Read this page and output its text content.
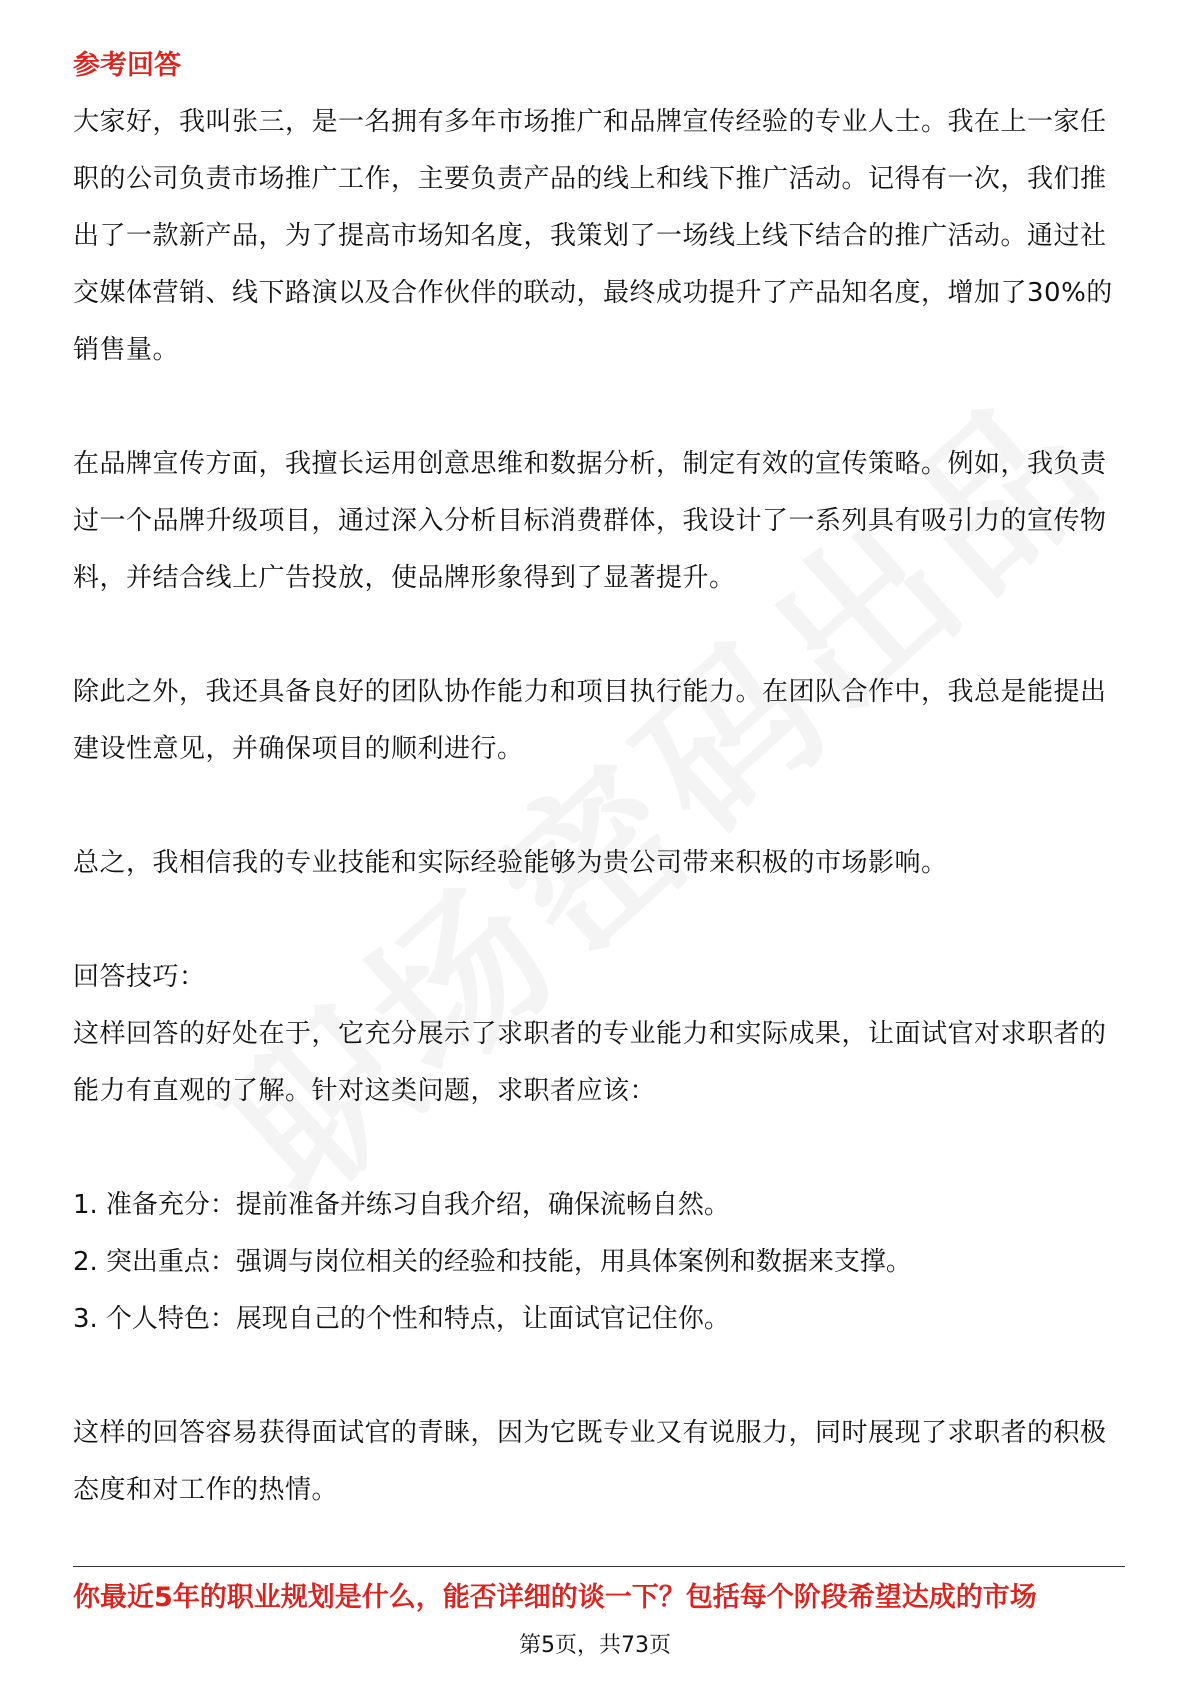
参考回答

大家好，我叫张三，是一名拥有多年市场推广和品牌宣传经验的专业人士。我在上一家任职的公司负责市场推广工作，主要负责产品的线上和线下推广活动。记得有一次，我们推出了一款新产品，为了提高市场知名度，我策划了一场线上线下结合的推广活动。通过社交媒体营销、线下路演以及合作伙伴的联动，最终成功提升了产品知名度，增加了30%的销售量。

在品牌宣传方面，我擅长运用创意思维和数据分析，制定有效的宣传策略。例如，我负责过一个品牌升级项目，通过深入分析目标消费群体，我设计了一系列具有吸引力的宣传物料，并结合线上广告投放，使品牌形象得到了显著提升。

除此之外，我还具备良好的团队协作能力和项目执行能力。在团队合作中，我总是能提出建设性意见，并确保项目的顺利进行。

总之，我相信我的专业技能和实际经验能够为贵公司带来积极的市场影响。

回答技巧：

这样回答的好处在于，它充分展示了求职者的专业能力和实际成果，让面试官对求职者的能力有直观的了解。针对这类问题，求职者应该：

1. 准备充分：提前准备并练习自我介绍，确保流畅自然。
2. 突出重点：强调与岗位相关的经验和技能，用具体案例和数据来支撑。
3. 个人特色：展现自己的个性和特点，让面试官记住你。

这样的回答容易获得面试官的青睐，因为它既专业又有说服力，同时展现了求职者的积极态度和对工作的热情。

你最近5年的职业规划是什么，能否详细的谈一下？包括每个阶段希望达成的市场
第5页，共73页
